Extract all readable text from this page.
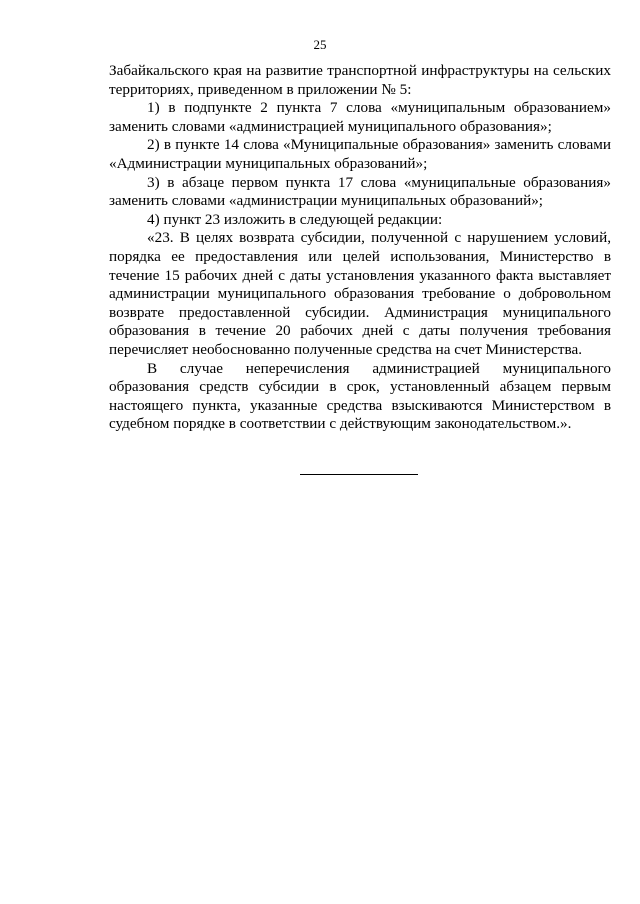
25

Забайкальского края на развитие транспортной инфраструктуры на сельских территориях, приведенном в приложении № 5:

1) в подпункте 2 пункта 7 слова «муниципальным образованием» заменить словами «администрацией муниципального образования»;

2) в пункте 14 слова «Муниципальные образования» заменить словами «Администрации муниципальных образований»;

3) в абзаце первом пункта 17 слова «муниципальные образования» заменить словами «администрации муниципальных образований»;

4) пункт 23 изложить в следующей редакции:

«23. В целях возврата субсидии, полученной с нарушением условий, порядка ее предоставления или целей использования, Министерство в течение 15 рабочих дней с даты установления указанного факта выставляет администрации муниципального образования требование о добровольном возврате предоставленной субсидии. Администрация муниципального образования в течение 20 рабочих дней с даты получения требования перечисляет необоснованно полученные средства на счет Министерства.

В случае неперечисления администрацией муниципального образования средств субсидии в срок, установленный абзацем первым настоящего пункта, указанные средства взыскиваются Министерством в судебном порядке в соответствии с действующим законодательством.».
